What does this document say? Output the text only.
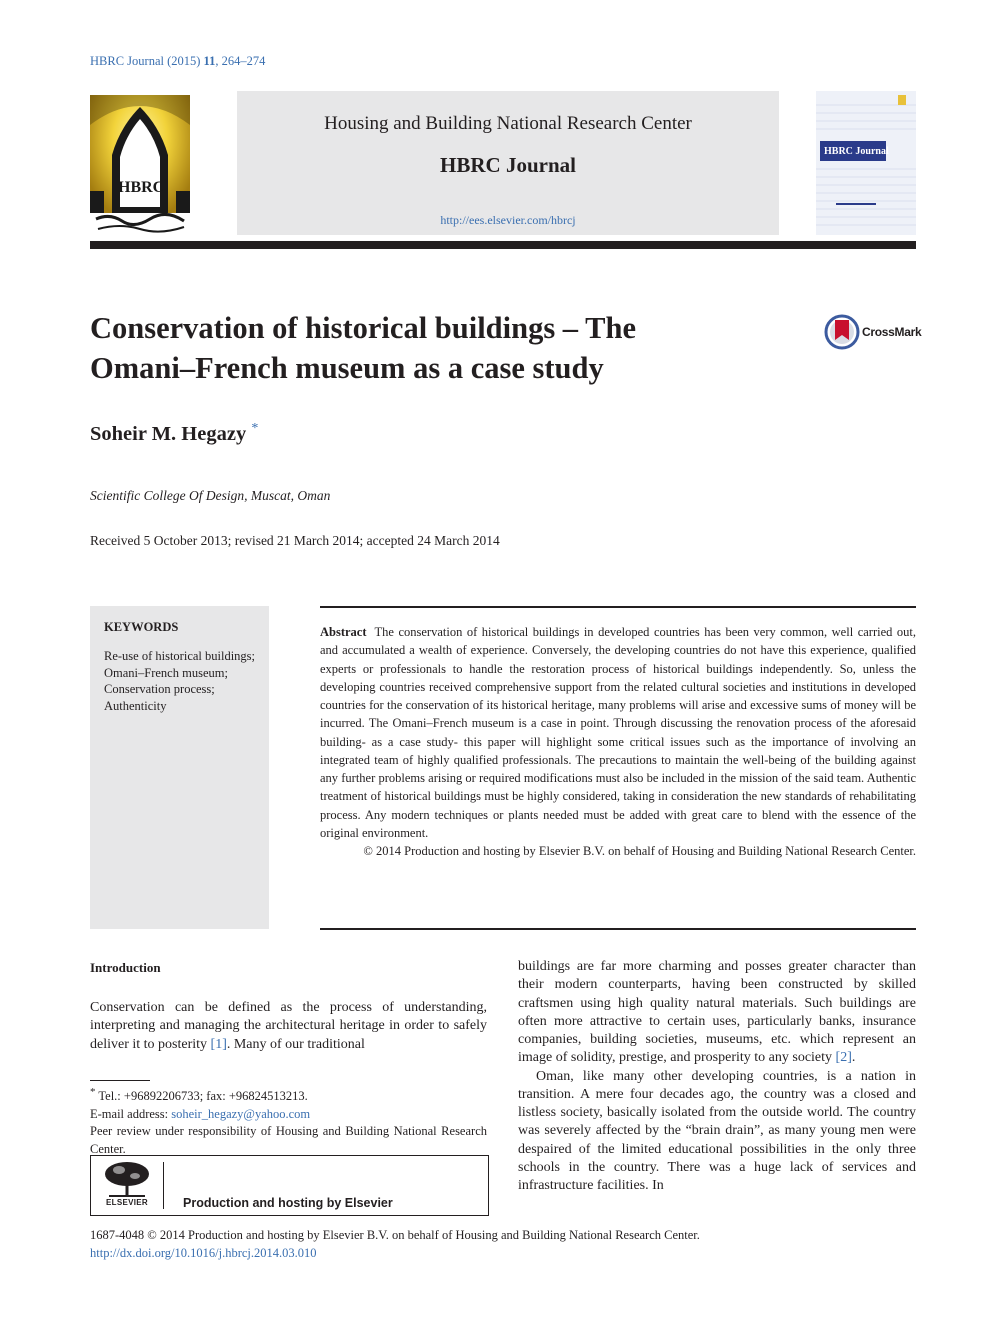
HBRC Journal (2015) 11, 264–274
HBRC
Housing and Building National Research Center
HBRC Journal
http://ees.elsevier.com/hbrcj
HBRC Journal
Conservation of historical buildings – The Omani–French museum as a case study
CrossMark
Soheir M. Hegazy *
Scientific College Of Design, Muscat, Oman
Received 5 October 2013; revised 21 March 2014; accepted 24 March 2014
KEYWORDS
Re-use of historical buildings;
Omani–French museum;
Conservation process;
Authenticity
Abstract The conservation of historical buildings in developed countries has been very common, well carried out, and accumulated a wealth of experience. Conversely, the developing countries do not have this experience, qualified experts or professionals to handle the restoration process of historical buildings independently. So, unless the developing countries received comprehensive support from the related cultural societies and institutions in developed countries for the conservation of its historical heritage, many problems will arise and excessive sums of money will be incurred. The Omani–French museum is a case in point. Through discussing the renovation process of the aforesaid building- as a case study- this paper will highlight some critical issues such as the importance of involving an integrated team of highly qualified professionals. The precautions to maintain the well-being of the building against any further problems arising or required modifications must also be included in the mission of the said team. Authentic treatment of historical buildings must be highly considered, taking in consideration the new standards of rehabilitating process. Any modern techniques or plants needed must be added with great care to blend with the essence of the original environment.
© 2014 Production and hosting by Elsevier B.V. on behalf of Housing and Building National Research Center.
Introduction
Conservation can be defined as the process of understanding, interpreting and managing the architectural heritage in order to safely deliver it to posterity [1]. Many of our traditional

buildings are far more charming and posses greater character than their modern counterparts, having been constructed by skilled craftsmen using high quality natural materials. Such buildings are often more attractive to certain uses, particularly banks, insurance companies, building societies, museums, etc. which represent an image of solidity, prestige, and prosperity to any society [2].

Oman, like many other developing countries, is a nation in transition. A mere four decades ago, the country was a closed and listless society, basically isolated from the outside world. The country was severely affected by the “brain drain”, as many young men were despaired of the limited educational possibilities in the only three schools in the country. There was a huge lack of services and infrastructure facilities. In

* Tel.: +96892206733; fax: +96824513213.
E-mail address: soheir_hegazy@yahoo.com
Peer review under responsibility of Housing and Building National Research Center.
ELSEVIER	Production and hosting by Elsevier
1687-4048 © 2014 Production and hosting by Elsevier B.V. on behalf of Housing and Building National Research Center.
http://dx.doi.org/10.1016/j.hbrcj.2014.03.010
